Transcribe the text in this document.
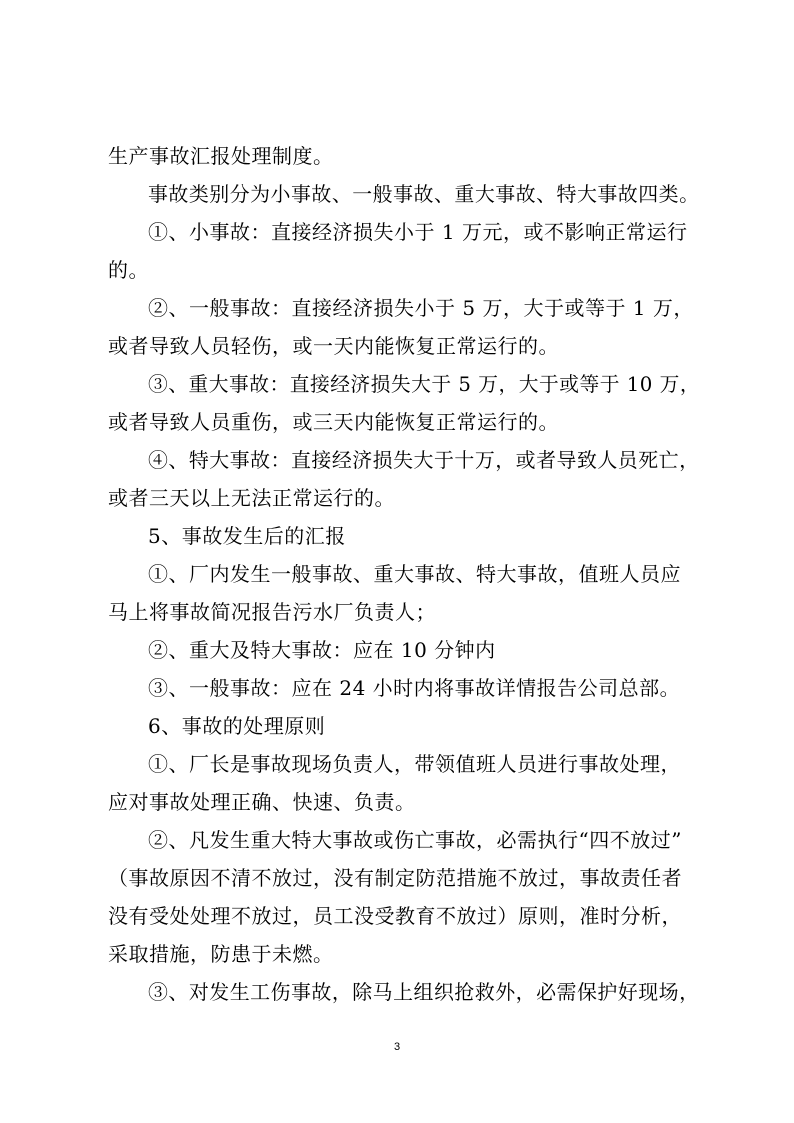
生产事故汇报处理制度。
事故类别分为小事故、一般事故、重大事故、特大事故四类。
①、小事故：直接经济损失小于 1 万元，或不影响正常运行
的。
②、一般事故：直接经济损失小于 5 万，大于或等于 1 万，
或者导致人员轻伤，或一天内能恢复正常运行的。
③、重大事故：直接经济损失大于 5 万，大于或等于 10 万，
或者导致人员重伤，或三天内能恢复正常运行的。
④、特大事故：直接经济损失大于十万，或者导致人员死亡，
或者三天以上无法正常运行的。
5、事故发生后的汇报
①、厂内发生一般事故、重大事故、特大事故，值班人员应
马上将事故简况报告污水厂负责人；
②、重大及特大事故：应在 10 分钟内
③、一般事故：应在 24 小时内将事故详情报告公司总部。
6、事故的处理原则
①、厂长是事故现场负责人，带领值班人员进行事故处理，
应对事故处理正确、快速、负责。
②、凡发生重大特大事故或伤亡事故，必需执行“四不放过”
（事故原因不清不放过，没有制定防范措施不放过，事故责任者
没有受处处理不放过，员工没受教育不放过）原则，准时分析，
采取措施，防患于未燃。
③、对发生工伤事故，除马上组织抢救外，必需保护好现场，
3
